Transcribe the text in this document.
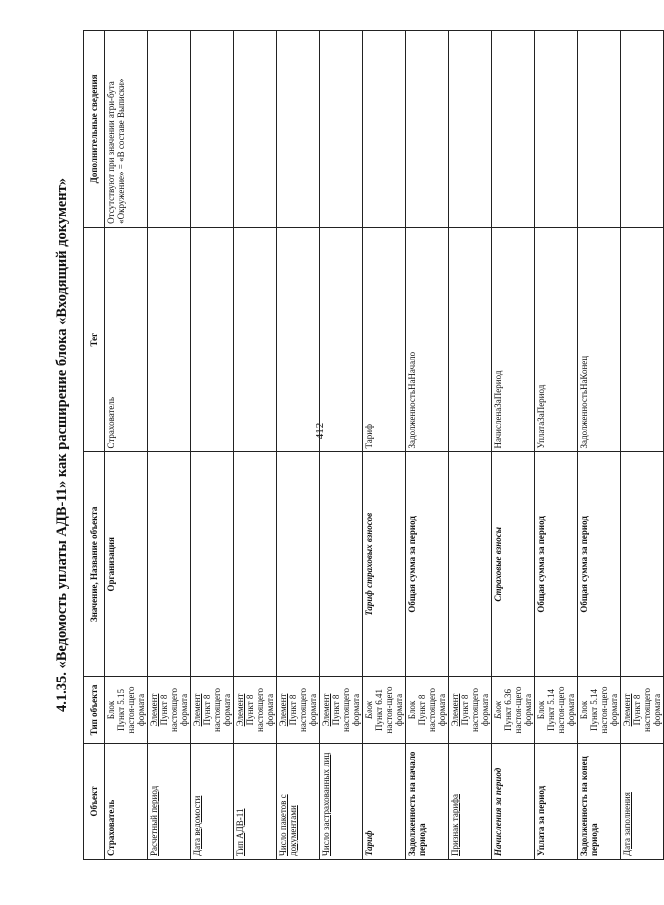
412
4.1.35. «Ведомость уплаты АДВ-11» как расширение блока «Входящий документ»
Объект	Тип объекта	Значение, Название объекта	Тег	Дополнительные сведения

Страхователь	Блок Пункт 5.15 настоя-щего формата	Организация	Страхователь	Отсутствуют при значении атри-бута «Окружение» = «В составе Выписки»

Расчетный период	Элемент Пункт 8 настоящего формата			

Дата ведомости	Элемент Пункт 8 настоящего формата			

Тип АДВ-11	Элемент Пункт 8 настоящего формата			

Число пакетов с документами	Элемент Пункт 8 настоящего формата			

Число застрахованных лиц	Элемент Пункт 8 настоящего формата			

Тариф	Блок Пункт 6.41 настоя-щего формата	Тариф страховых взносов	Тариф	

Задолженность на начало периода	Блок Пункт 8 настоящего формата	Общая сумма за период	ЗадолженностьНаНачало	

Признак тарифа	Элемент Пункт 8 настоящего формата			

Начисления за период	Блок Пункт 6.36 настоя-щего формата	Страховые взносы	НачисленаЗаПериод	

Уплата за период	Блок Пункт 5.14 настоя-щего формата	Общая сумма за период	УплатаЗаПериод	

Задолженность на конец периода	Блок Пункт 5.14 настоя-щего формата	Общая сумма за период	ЗадолженностьНаКонец	

Дата заполнения	Элемент Пункт 8 настоящего формата			
